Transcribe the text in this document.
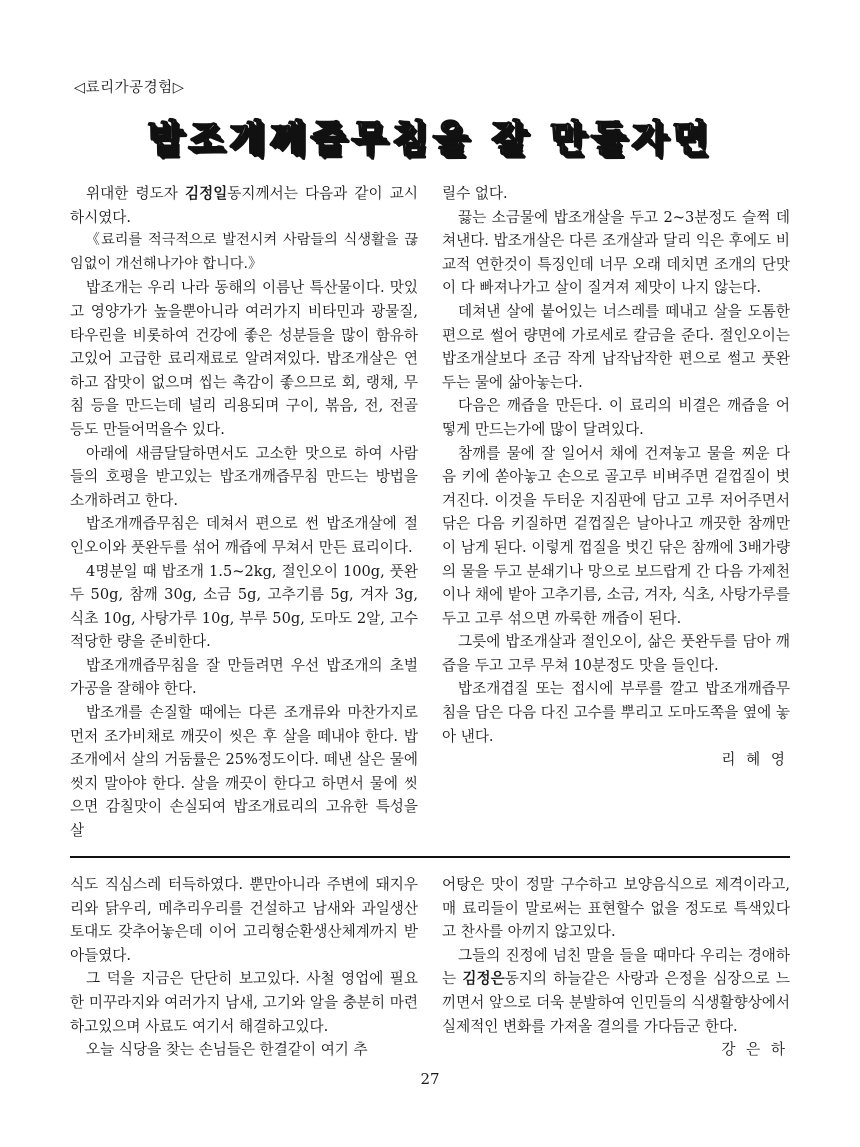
◁료리가공경험▷
밥조개깨즙무침을 잘 만들자면

위대한 령도자 김정일동지께서는 다음과 같이 교시하시였다.

《료리를 적극적으로 발전시켜 사람들의 식생활을 끊임없이 개선해나가야 합니다.》

밥조개는 우리 나라 동해의 이름난 특산물이다. 맛있고 영양가가 높을뿐아니라 여러가지 비타민과 광물질, 타우린을 비롯하여 건강에 좋은 성분들을 많이 함유하고있어 고급한 료리재료로 알려져있다. 밥조개살은 연하고 잡맛이 없으며 씹는 촉감이 좋으므로 회, 랭채, 무침 등을 만드는데 널리 리용되며 구이, 볶음, 전, 전골 등도 만들어먹을수 있다.

아래에 새큼달달하면서도 고소한 맛으로 하여 사람들의 호평을 받고있는 밥조개깨즙무침 만드는 방법을 소개하려고 한다.

밥조개깨즙무침은 데쳐서 편으로 썬 밥조개살에 절인오이와 풋완두를 섞어 깨즙에 무쳐서 만든 료리이다.

4명분일 때 밥조개 1.5~2kg, 절인오이 100g, 풋완두 50g, 참깨 30g, 소금 5g, 고추기름 5g, 겨자 3g, 식초 10g, 사탕가루 10g, 부루 50g, 도마도 2알, 고수 적당한 량을 준비한다.

밥조개깨즙무침을 잘 만들려면 우선 밥조개의 초벌가공을 잘해야 한다.

밥조개를 손질할 때에는 다른 조개류와 마찬가지로 먼저 조가비채로 깨끗이 씻은 후 살을 떼내야 한다. 밥조개에서 살의 거둠률은 25%정도이다. 떼낸 살은 물에 씻지 말아야 한다. 살을 깨끗이 한다고 하면서 물에 씻으면 감칠맛이 손실되여 밥조개료리의 고유한 특성을 살

릴수 없다.

끓는 소금물에 밥조개살을 두고 2~3분정도 슬쩍 데쳐낸다. 밥조개살은 다른 조개살과 달리 익은 후에도 비교적 연한것이 특징인데 너무 오래 데치면 조개의 단맛이 다 빠져나가고 살이 질겨져 제맛이 나지 않는다.

데쳐낸 살에 붙어있는 너스레를 떼내고 살을 도톰한 편으로 썰어 량면에 가로세로 칼금을 준다. 절인오이는 밥조개살보다 조금 작게 납작납작한 편으로 썰고 풋완두는 물에 삶아놓는다.

다음은 깨즙을 만든다. 이 료리의 비결은 깨즙을 어떻게 만드는가에 많이 달려있다.

참깨를 물에 잘 일어서 채에 건져놓고 물을 찌운 다음 키에 쏟아놓고 손으로 골고루 비벼주면 겉껍질이 벗겨진다. 이것을 두터운 지짐판에 담고 고루 저어주면서 닦은 다음 키질하면 겉껍질은 날아나고 깨끗한 참깨만이 남게 된다. 이렇게 껍질을 벗긴 닦은 참깨에 3배가량의 물을 두고 분쇄기나 망으로 보드랍게 간 다음 가제천이나 채에 밭아 고추기름, 소금, 겨자, 식초, 사탕가루를 두고 고루 섞으면 까룩한 깨즙이 된다.

그릇에 밥조개살과 절인오이, 삶은 풋완두를 담아 깨즙을 두고 고루 무쳐 10분정도 맛을 들인다.

밥조개겹질 또는 접시에 부루를 깔고 밥조개깨즙무침을 담은 다음 다진 고수를 뿌리고 도마도쪽을 옆에 놓아 낸다.

리 혜 영

식도 직심스레 터득하였다. 뿐만아니라 주변에 돼지우리와 닭우리, 메추리우리를 건설하고 남새와 과일생산토대도 갖추어놓은데 이어 고리형순환생산체계까지 받아들였다.

그 덕을 지금은 단단히 보고있다. 사철 영업에 필요한 미꾸라지와 여러가지 남새, 고기와 알을 충분히 마련하고있으며 사료도 여기서 해결하고있다.

오늘 식당을 찾는 손님들은 한결같이 여기 추

어탕은 맛이 정말 구수하고 보양음식으로 제격이라고, 매 료리들이 말로써는 표현할수 없을 정도로 특색있다고 찬사를 아끼지 않고있다.

그들의 진정에 넘친 말을 들을 때마다 우리는 경애하는 김정은동지의 하늘같은 사랑과 은정을 심장으로 느끼면서 앞으로 더욱 분발하여 인민들의 식생활향상에서 실제적인 변화를 가져올 결의를 가다듬군 한다.

강 은 하

27
